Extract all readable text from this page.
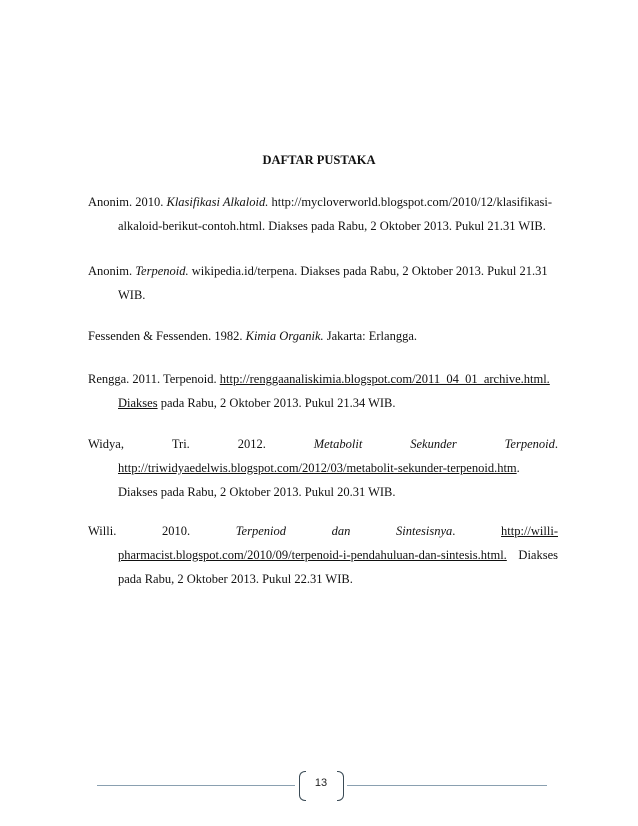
DAFTAR PUSTAKA
Anonim. 2010. Klasifikasi Alkaloid. http://mycloverworld.blogspot.com/2010/12/klasifikasi-
alkaloid-berikut-contoh.html. Diakses pada Rabu, 2 Oktober 2013. Pukul 21.31 WIB.
Anonim. Terpenoid. wikipedia.id/terpena. Diakses pada Rabu, 2 Oktober 2013. Pukul 21.31
WIB.
Fessenden & Fessenden. 1982. Kimia Organik. Jakarta: Erlangga.
Rengga. 2011. Terpenoid. http://renggaanaliskimia.blogspot.com/2011_04_01_archive.html.
Diakses pada Rabu, 2 Oktober 2013. Pukul 21.34 WIB.
Widya,	Tri.	2012.	Metabolit	Sekunder	Terpenoid.
http://triwidyaedelwis.blogspot.com/2012/03/metabolit-sekunder-terpenoid.htm.
Diakses pada Rabu, 2 Oktober 2013. Pukul 20.31 WIB.
Willi.	2010.	Terpeniod	dan	Sintesisnya.	http://willi-
pharmacist.blogspot.com/2010/09/terpenoid-i-pendahuluan-dan-sintesis.html. Diakses
pada Rabu, 2 Oktober 2013. Pukul 22.31 WIB.
13
